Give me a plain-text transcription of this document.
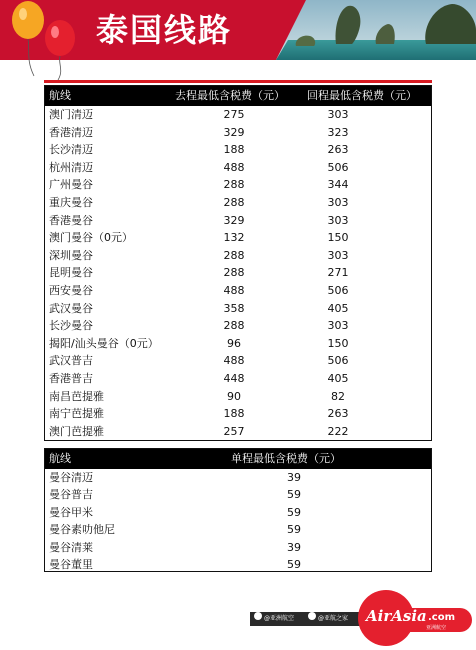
泰国线路
航线	去程最低含税费（元） 回程最低含税费（元）
澳门清迈	275	303
香港清迈	329	323
长沙清迈	188	263
杭州清迈	488	506
广州曼谷	288	344
重庆曼谷	288	303
香港曼谷	329	303
澳门曼谷（0元）	132	150
深圳曼谷	288	303
昆明曼谷	288	271
西安曼谷	488	506
武汉曼谷	358	405
长沙曼谷	288	303
揭阳/汕头曼谷（0元）	96	150
武汉普吉	488	506
香港普吉	448	405
南昌芭提雅	90	82
南宁芭提雅	188	263
澳门芭提雅	257	222
航线	单程最低含税费（元）
曼谷清迈	39
曼谷普吉	59
曼谷甲米	59
曼谷素叻他尼	59
曼谷清莱	39
曼谷董里	59
@亚洲航空	@亚航之家 AirAsia .com
亚洲航空
